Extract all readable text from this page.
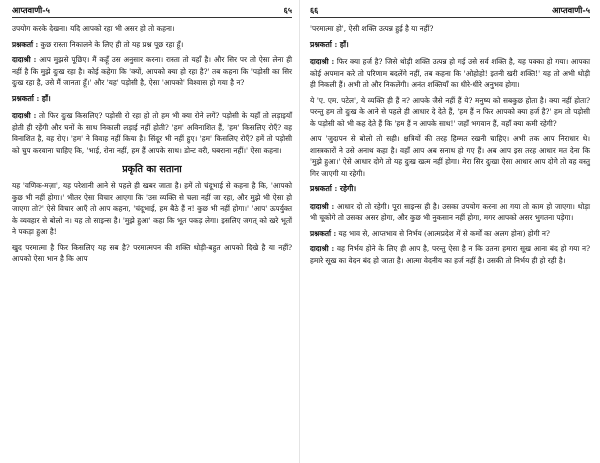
आप्तवाणी-५	६५

उपयोग करके देखना। यदि आपको रहा भी असर हो तो कहना।

प्रश्नकर्ता : कुछ रास्ता निकालने के लिए ही तो यह प्रश्न पूछ रहा हूँ।

दादाश्री : आप मुझसे पूछिए। मैं कहूँ उस अनुसार करना। रास्ता तो यहाँ है। और सिर पर तो ऐसा लेना ही नहीं है कि मुझे दुःख रहा है। कोई कहेगा कि 'क्यों, आपको क्या हो रहा है?' तब कहना कि 'पड़ोसी का सिर दुःख रहा है, उसे मैं जानता हूँ।' और 'यह' पड़ोसी है, ऐसा 'आपको' विश्वास हो गया है न?

प्रश्नकर्ता : हाँ।

दादाश्री : तो फिर दुःख किसलिए? पड़ोसी रो रहा हो तो हम भी क्या रोने लगें? पड़ोसी के यहाँ तो लड़ाइयाँ होती ही रहेंगी और घनों के साथ निकाली लड़ाई नहीं होती? 'हम' अविनाशित हैं, 'हम' किसलिए रोएँ? वह विनाशित है, वह रोए। 'हम' ने विवाह नहीं किया है। सिंदूर भी नहीं हुए। 'हम' किसलिए रोएँ? हमें तो पड़ोसी को चुप करवाना चाहिए कि, 'भाई, रोना नहीं, हम हैं आपके साथ। डोन्ट वरी, घबराना नहीं।' ऐसा कहना।

प्रकृति का सताना

यह 'वणिक-मज़ा', यह परेशानी आने से पहले ही खबर जाता है। हमें तो चंदूभाई से कहना है कि, 'आपको कुछ भी नहीं होगा।' भीतर ऐसा विचार आएगा कि 'उस व्यक्ति से चला नहीं जा रहा, और मुझे भी ऐसा हो जाएगा तो?' ऐसे विचार आएँ तो आप कहना, 'चंदूभाई, हम बैठे हैं न! कुछ भी नहीं होगा।' 'आप' ऊपर्युक्त के व्यवहार से बोलो न। यह तो साइन्स है। 'मुझे हुआ' कहा कि भूत पकड़ लेगा। इसलिए जगत् को खरे भूतों ने पकड़ा हुआ है!

खुद परमात्मा है फिर किसलिए यह सब है? परमात्मपन की शक्ति थोड़ी-बहुत आपको दिखे है या नहीं? आपको ऐसा भान है कि आप

६६	आप्तवाणी-५

'परमात्मा हो', ऐसी शक्ति उत्पन्न हुई है या नहीं?

प्रश्नकर्ता : हाँ।

दादाश्री : फिर क्या हर्ज है? जिसे थोड़ी शक्ति उत्पन्न हो गई उसे सर्व शक्ति है, यह पक्का हो गया। आपका कोई अपमान करे तो परिणाम बदलेंगे नहीं, तब कहना कि 'ओहोहो! इतनी खरी शक्ति!' यह तो अभी थोड़ी ही निकली हैं। अभी तो और निकलेंगी। अनंत शक्तियाँ का धीरे-धीरे अनुभव होगा।

ये 'ए. एम. पटेल', ये व्यक्ति ही हैं न? आपके जैसे नहीं हैं ये? मनुष्य को सबकुछ होता है। क्या नहीं होता? परन्तु हम तो दुःख के आने से पहले ही आधार दे देते हैं, 'हम हैं न फिर आपको क्या हर्ज है?' हम तो पड़ोसी के पड़ोसी को भी कह देते हैं कि 'हम हैं न आपके साथ!' जहाँ भगवान हैं, वहाँ क्या कमी रहेगी?

आप 'जुदापन से बोलो तो सही। क्षत्रियों की तरह हिम्मत रखनी चाहिए। अभी तक आप निराधार थे। शास्त्रकारों ने उसे अनाथ कहा है। वहाँ आप अब सनाथ हो गए हैं। अब आप इस तरह आधार मत देना कि 'मुझे हुआ।' ऐसे आधार दोगे तो यह दुःख खत्म नहीं होगा। मेरा सिर दुःखा ऐसा आधार आप दोगे तो वह वस्तु गिर जाएगी या रहेगी।

प्रश्नकर्ता : रहेगी।

दादाश्री : आधार दो तो रहेगी। पूरा साइन्स ही है। उसका उपयोग करना आ गया तो काम हो जाएगा। थोड़ा भी चूकोगे तो उसका असर होगा, और कुछ भी नुकसान नहीं होगा, मगर आपको असर भुगतना पड़ेगा।

प्रश्नकर्ता : यह भाव से, आप्तभाव से निर्भय (आत्मप्रदेश में से कर्मों का अलग होना) होगी न?

दादाश्री : वह निर्भय होने के लिए ही आप है, परन्तु ऐसा है न कि उतना हमारा सूख आना बंद हो गया न? हमारे सूख का वेदन बंद हो जाता है। आत्मा वेदनीय का हर्ज नहीं है। उसकी तो निर्भय ही हो रही है।
